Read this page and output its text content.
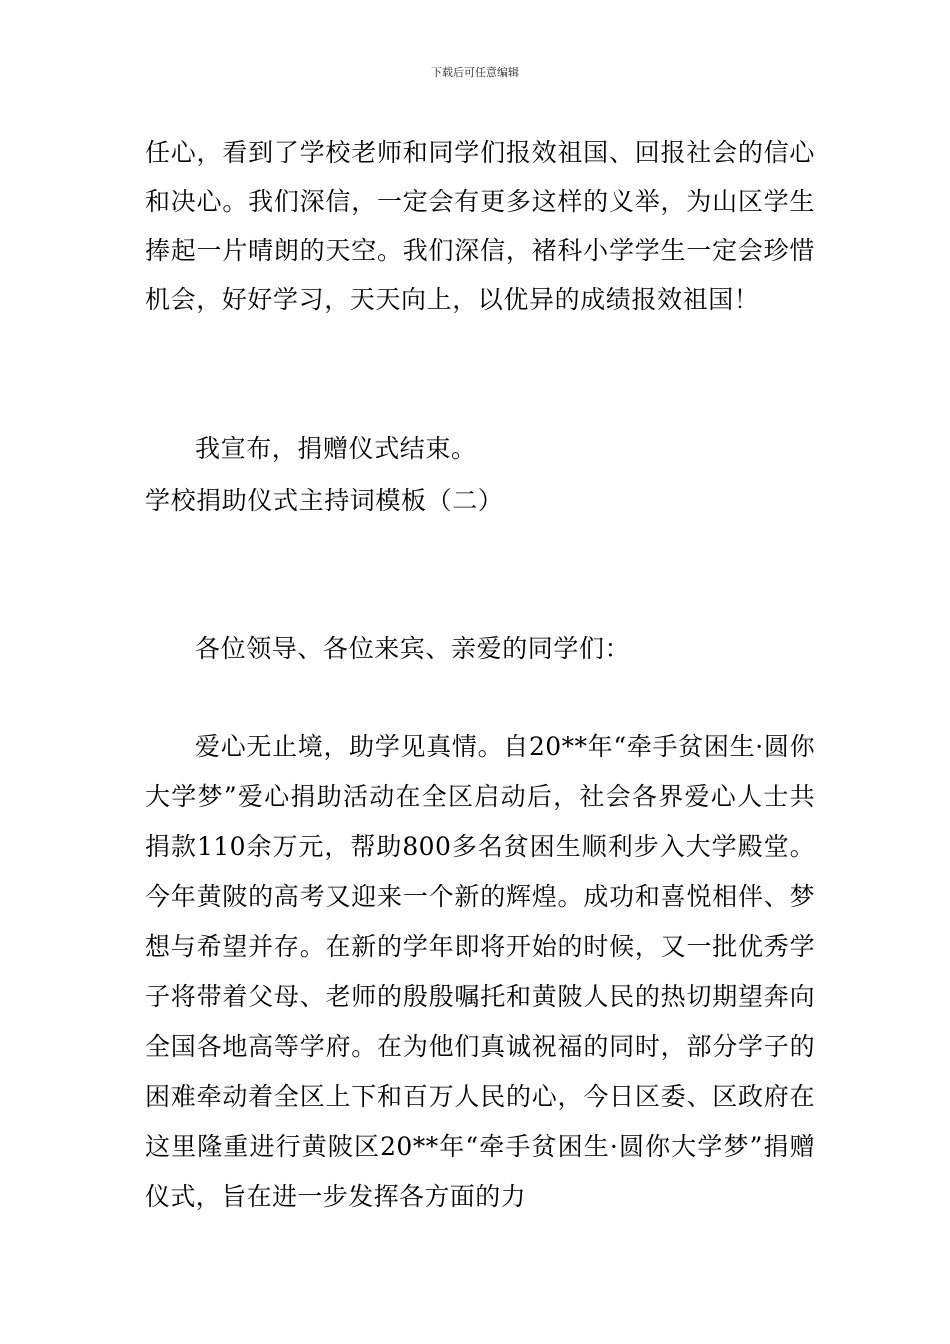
下载后可任意编辑
任心，看到了学校老师和同学们报效祖国、回报社会的信心和决心。我们深信，一定会有更多这样的义举，为山区学生捧起一片晴朗的天空。我们深信，褚科小学学生一定会珍惜机会，好好学习，天天向上，以优异的成绩报效祖国！
我宣布，捐赠仪式结束。
学校捐助仪式主持词模板（二）
各位领导、各位来宾、亲爱的同学们：
爱心无止境，助学见真情。自20**年“牵手贫困生·圆你大学梦”爱心捐助活动在全区启动后，社会各界爱心人士共捐款110余万元，帮助800多名贫困生顺利步入大学殿堂。今年黄陂的高考又迎来一个新的辉煌。成功和喜悦相伴、梦想与希望并存。在新的学年即将开始的时候，又一批优秀学子将带着父母、老师的殷殷嘱托和黄陂人民的热切期望奔向全国各地高等学府。在为他们真诚祝福的同时，部分学子的困难牵动着全区上下和百万人民的心，今日区委、区政府在这里隆重进行黄陂区20**年“牵手贫困生·圆你大学梦”捐赠仪式，旨在进一步发挥各方面的力
